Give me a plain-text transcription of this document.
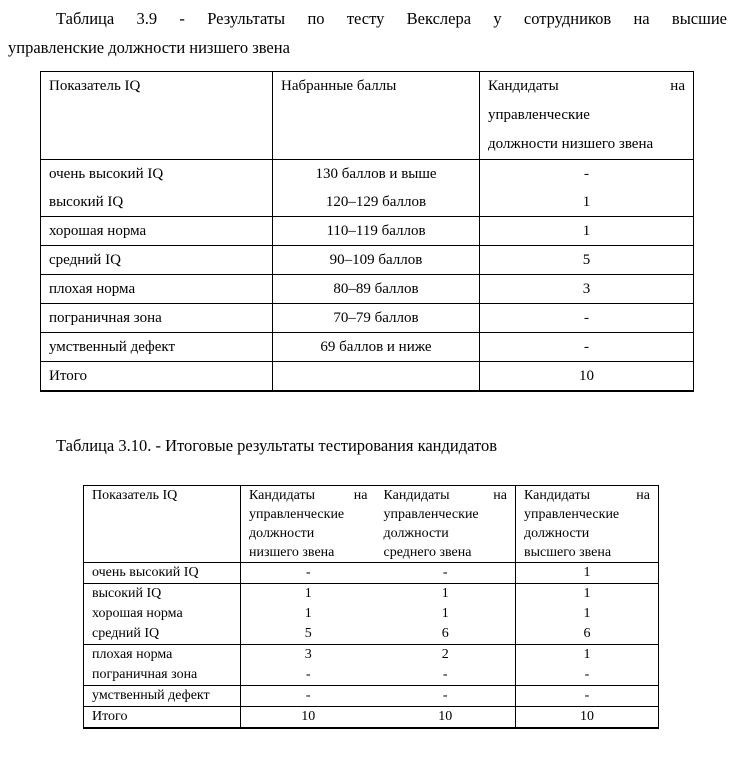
Таблица 3.9 - Результаты по тесту Векслера у сотрудников на высшие
управленские должности низшего звена
Показатель IQ	Набранные баллы	Кандидаты на
управленческие
должности низшего звена

очень высокий IQ	130 баллов и выше	-
высокий IQ	120–129 баллов	1
хорошая норма	110–119 баллов	1
средний IQ	90–109 баллов	5
плохая норма	80–89 баллов	3
пограничная зона	70–79 баллов	-
умственный дефект	69 баллов и ниже	-
Итого		10
Таблица 3.10. - Итоговые результаты тестирования кандидатов
Показатель IQ	Кандидаты на
управленческие
должности
низшего звена	Кандидаты на
управленческие
должности
среднего звена	Кандидаты на
управленческие
должности
высшего звена

очень высокий IQ	-	-	1
высокий IQ	1	1	1
хорошая норма	1	1	1
средний IQ	5	6	6
плохая норма	3	2	1
пограничная зона	-	-	-
умственный дефект	-	-	-
Итого	10	10	10
